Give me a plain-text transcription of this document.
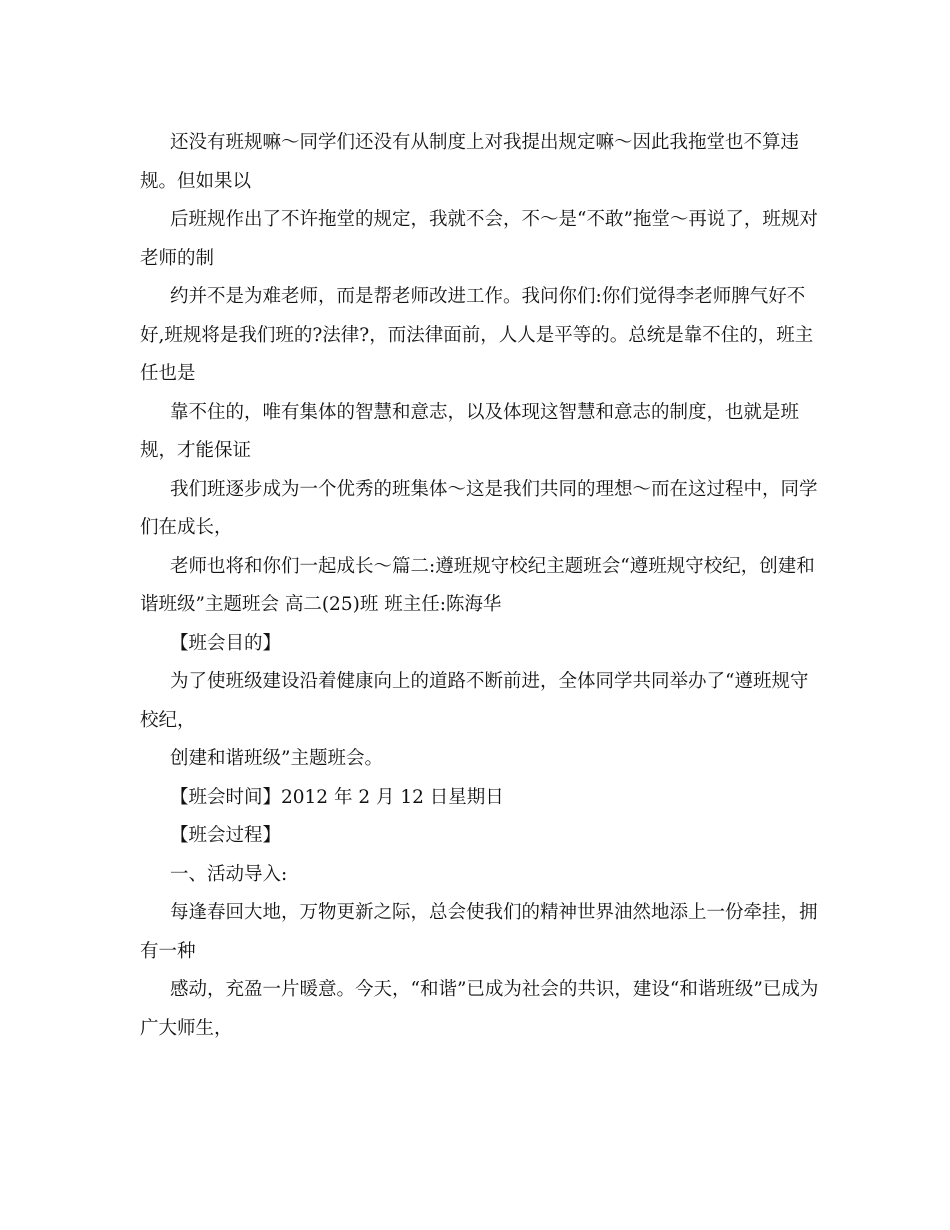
还没有班规嘛～同学们还没有从制度上对我提出规定嘛～因此我拖堂也不算违规。但如果以

后班规作出了不许拖堂的规定，我就不会，不～是“不敢”拖堂～再说了，班规对老师的制

约并不是为难老师，而是帮老师改进工作。我问你们:你们觉得李老师脾气好不好,班规将是我们班的?法律?，而法律面前，人人是平等的。总统是靠不住的，班主任也是

靠不住的，唯有集体的智慧和意志，以及体现这智慧和意志的制度，也就是班规，才能保证

我们班逐步成为一个优秀的班集体～这是我们共同的理想～而在这过程中，同学们在成长，

老师也将和你们一起成长～篇二:遵班规守校纪主题班会“遵班规守校纪，创建和谐班级”主题班会 高二(25)班 班主任:陈海华

【班会目的】

为了使班级建设沿着健康向上的道路不断前进，全体同学共同举办了“遵班规守校纪，

创建和谐班级”主题班会。

【班会时间】2012 年 2 月 12 日星期日

【班会过程】

一、活动导入:

每逢春回大地，万物更新之际，总会使我们的精神世界油然地添上一份牵挂，拥有一种

感动，充盈一片暖意。今天，“和谐”已成为社会的共识，建设“和谐班级”已成为广大师生，
